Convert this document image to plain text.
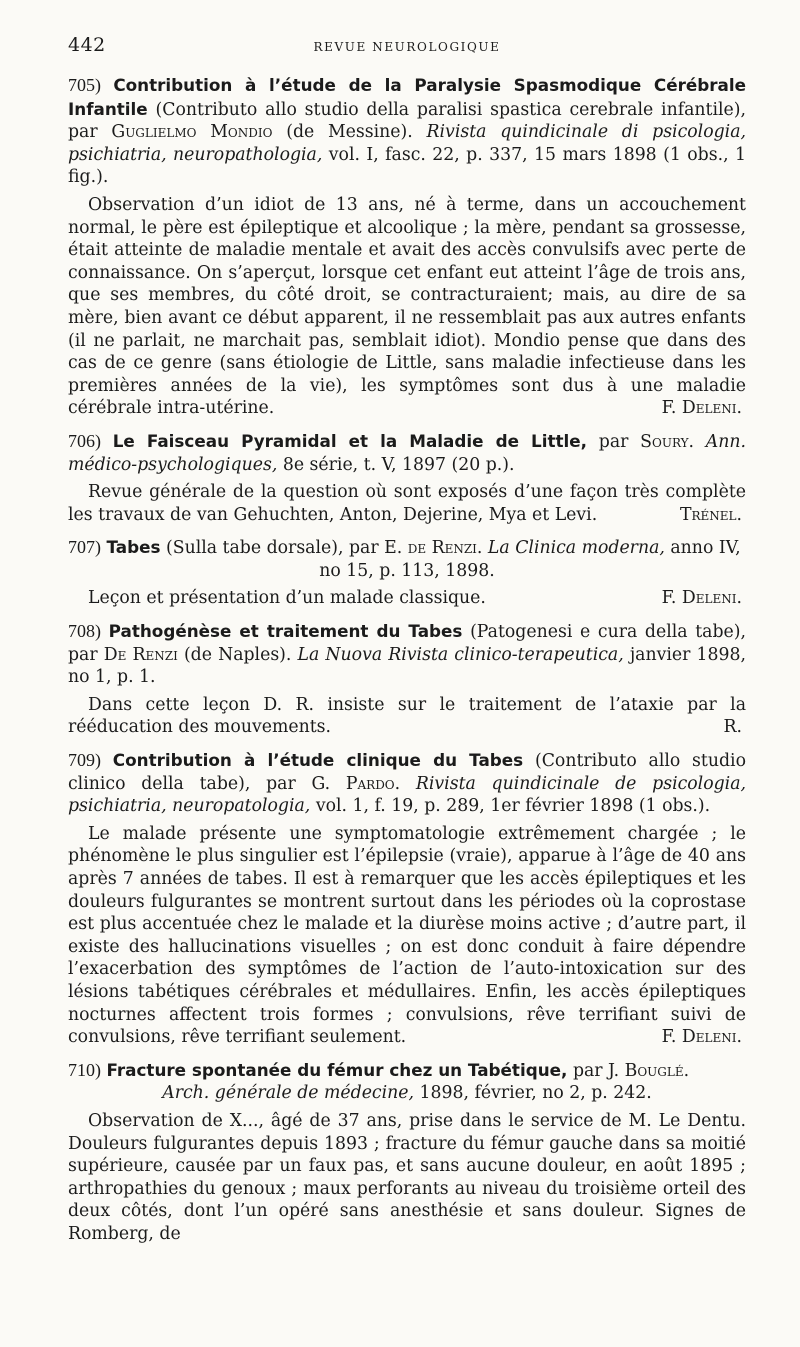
442	REVUE NEUROLOGIQUE
705) Contribution à l’étude de la Paralysie Spasmodique Cérébrale Infantile (Contributo allo studio della paralisi spastica cerebrale infantile), par Guglielmo Mondio (de Messine). Rivista quindicinale di psicologia, psichiatria, neuropathologia, vol. I, fasc. 22, p. 337, 15 mars 1898 (1 obs., 1 fig.).
Observation d’un idiot de 13 ans, né à terme, dans un accouchement normal, le père est épileptique et alcoolique ; la mère, pendant sa grossesse, était atteinte de maladie mentale et avait des accès convulsifs avec perte de connaissance. On s’aperçut, lorsque cet enfant eut atteint l’âge de trois ans, que ses membres, du côté droit, se contracturaient; mais, au dire de sa mère, bien avant ce début apparent, il ne ressemblait pas aux autres enfants (il ne parlait, ne marchait pas, semblait idiot). Mondio pense que dans des cas de ce genre (sans étiologie de Little, sans maladie infectieuse dans les premières années de la vie), les symptômes sont dus à une maladie cérébrale intra-utérine.	F. Deleni.
706) Le Faisceau Pyramidal et la Maladie de Little, par Soury. Ann. médico-psychologiques, 8e série, t. V, 1897 (20 p.).
Revue générale de la question où sont exposés d’une façon très complète les travaux de van Gehuchten, Anton, Dejerine, Mya et Levi.	Trénel.
707) Tabes (Sulla tabe dorsale), par E. de Renzi. La Clinica moderna, anno IV,
no 15, p. 113, 1898.
Leçon et présentation d’un malade classique.	F. Deleni.
708) Pathogénèse et traitement du Tabes (Patogenesi e cura della tabe), par De Renzi (de Naples). La Nuova Rivista clinico-terapeutica, janvier 1898, no 1, p. 1.
Dans cette leçon D. R. insiste sur le traitement de l’ataxie par la rééducation des mouvements.	R.
709) Contribution à l’étude clinique du Tabes (Contributo allo studio clinico della tabe), par G. Pardo. Rivista quindicinale de psicologia, psichiatria, neuropatologia, vol. 1, f. 19, p. 289, 1er février 1898 (1 obs.).
Le malade présente une symptomatologie extrêmement chargée ; le phénomène le plus singulier est l’épilepsie (vraie), apparue à l’âge de 40 ans après 7 années de tabes. Il est à remarquer que les accès épileptiques et les douleurs fulgurantes se montrent surtout dans les périodes où la coprostase est plus accentuée chez le malade et la diurèse moins active ; d’autre part, il existe des hallucinations visuelles ; on est donc conduit à faire dépendre l’exacerbation des symptômes de l’action de l’auto-intoxication sur des lésions tabétiques cérébrales et médullaires. Enfin, les accès épileptiques nocturnes affectent trois formes ; convulsions, rêve terrifiant suivi de convulsions, rêve terrifiant seulement.	F. Deleni.
710) Fracture spontanée du fémur chez un Tabétique, par J. Bouglé.
Arch. générale de médecine, 1898, février, no 2, p. 242.
Observation de X..., âgé de 37 ans, prise dans le service de M. Le Dentu. Douleurs fulgurantes depuis 1893 ; fracture du fémur gauche dans sa moitié supérieure, causée par un faux pas, et sans aucune douleur, en août 1895 ; arthropathies du genoux ; maux perforants au niveau du troisième orteil des deux côtés, dont l’un opéré sans anesthésie et sans douleur. Signes de Romberg, de
